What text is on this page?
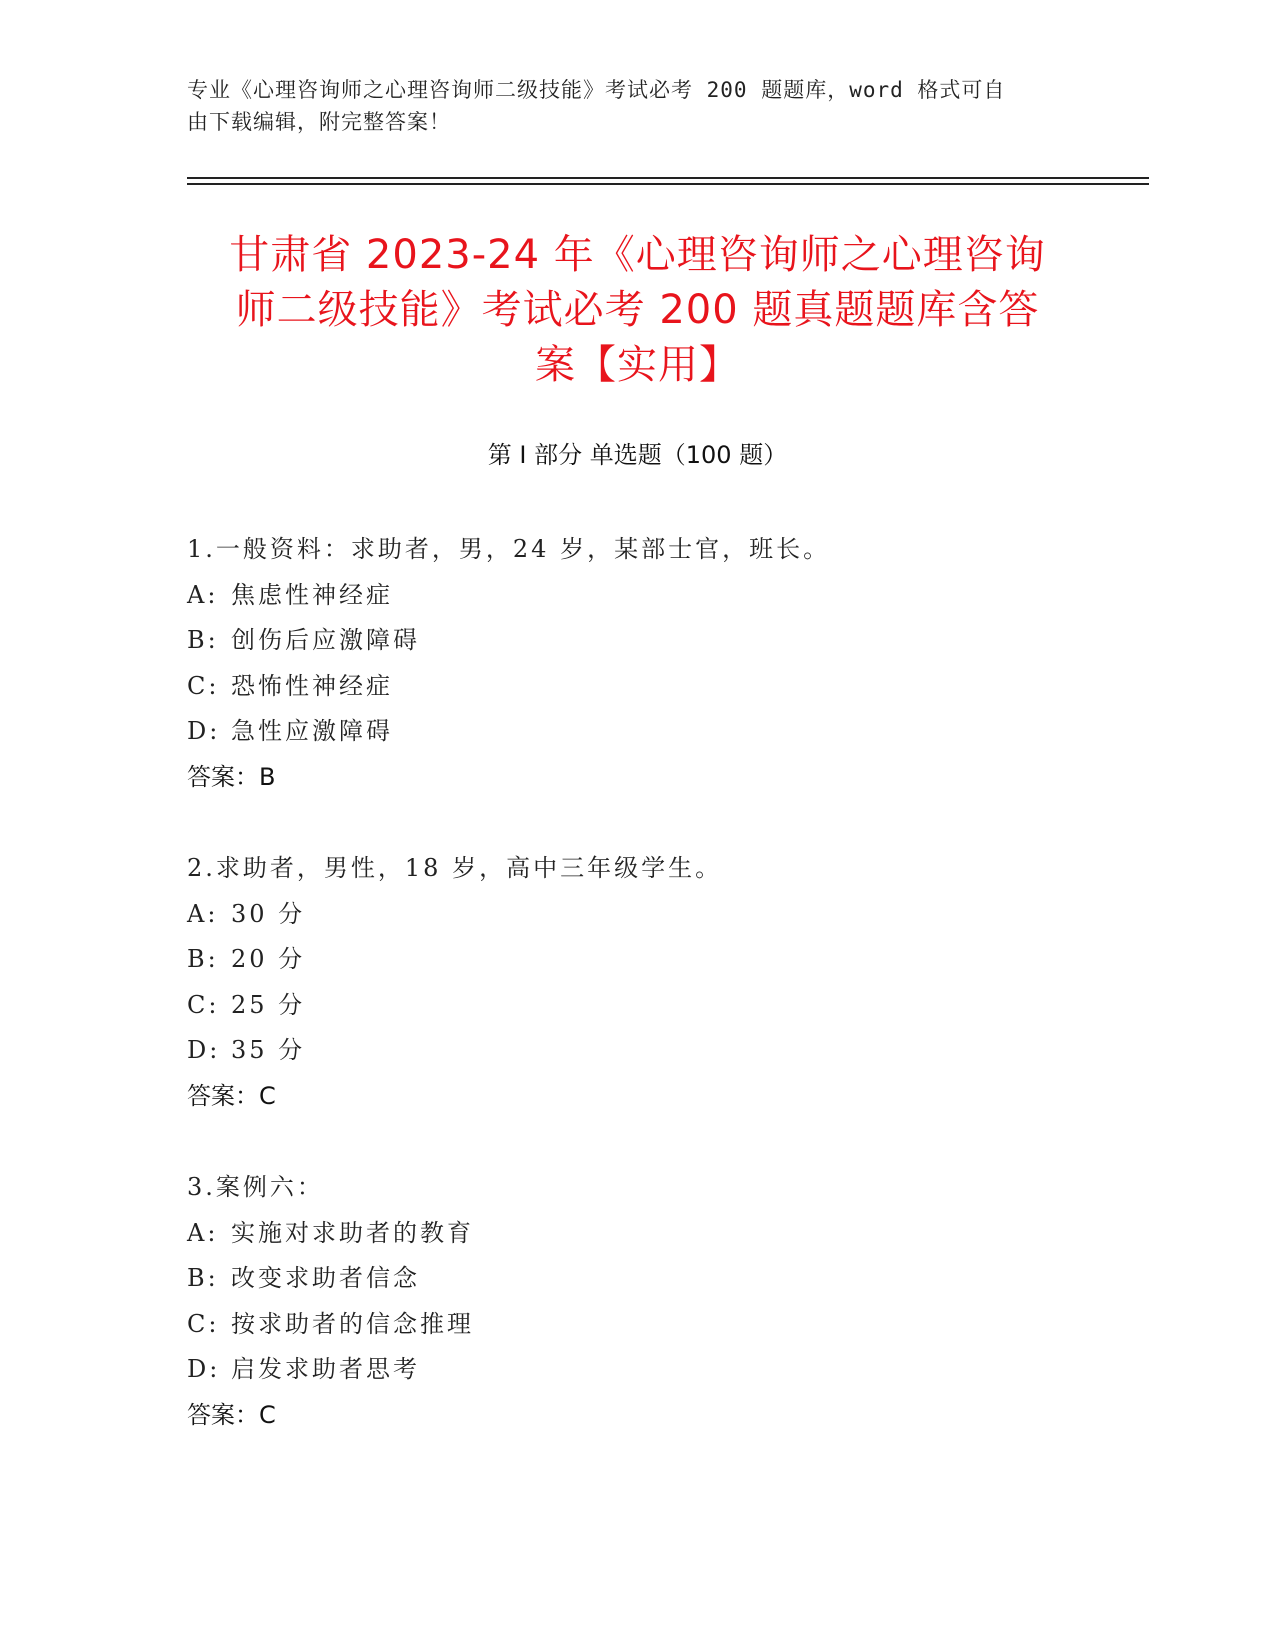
专业《心理咨询师之心理咨询师二级技能》考试必考 200 题题库，word 格式可自
由下载编辑，附完整答案！
甘肃省 2023-24 年《心理咨询师之心理咨询
师二级技能》考试必考 200 题真题题库含答
案【实用】
第 I 部分 单选题（100 题）
1.一般资料：求助者，男，24 岁，某部士官，班长。
A: 焦虑性神经症
B: 创伤后应激障碍
C: 恐怖性神经症
D: 急性应激障碍
答案：B
2.求助者，男性，18 岁，高中三年级学生。
A: 30 分
B: 20 分
C: 25 分
D: 35 分
答案：C
3.案例六：
A: 实施对求助者的教育
B: 改变求助者信念
C: 按求助者的信念推理
D: 启发求助者思考
答案：C
